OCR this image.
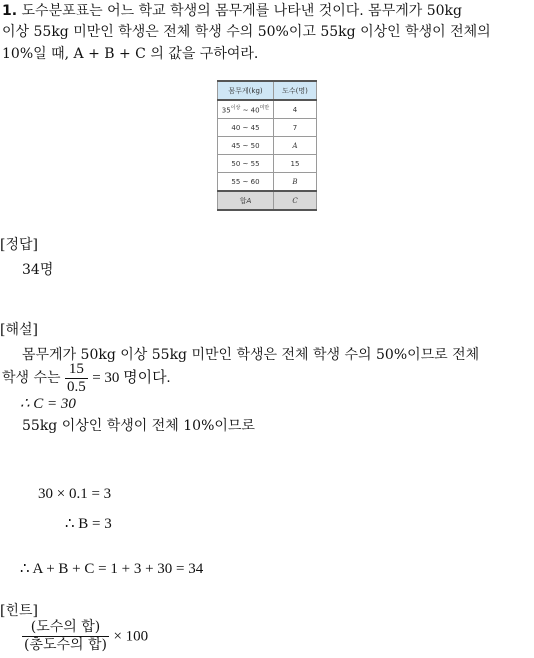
1. 도수분포표는 어느 학교 학생의 몸무게를 나타낸 것이다. 몸무게가 50kg
이상 55kg 미만인 학생은 전체 학생 수의 50%이고 55kg 이상인 학생이 전체의
10%일 때, A + B + C 의 값을 구하여라.
몸무게(kg)	도수(명)
$35^{이상}$ ~ $40^{미만}$	4
40 ~ 45	7
45 ~ 50	A
50 ~ 55	15
55 ~ 60	B
합A	C
[정답]
34명
[해설]
몸무게가 50kg 이상 55kg 미만인 학생은 전체 학생 수의 50%이므로 전체
학생 수는 $\frac{15}{0.5} = 30$ 명이다.
∴ C = 30
55kg 이상인 학생이 전체 10%이므로
30 × 0.1 = 3
∴ B = 3
∴ A + B + C = 1 + 3 + 30 = 34
[힌트]
$\frac{\text{(도수의 합)}}{\text{(총도수의 합)}} \times 100$
